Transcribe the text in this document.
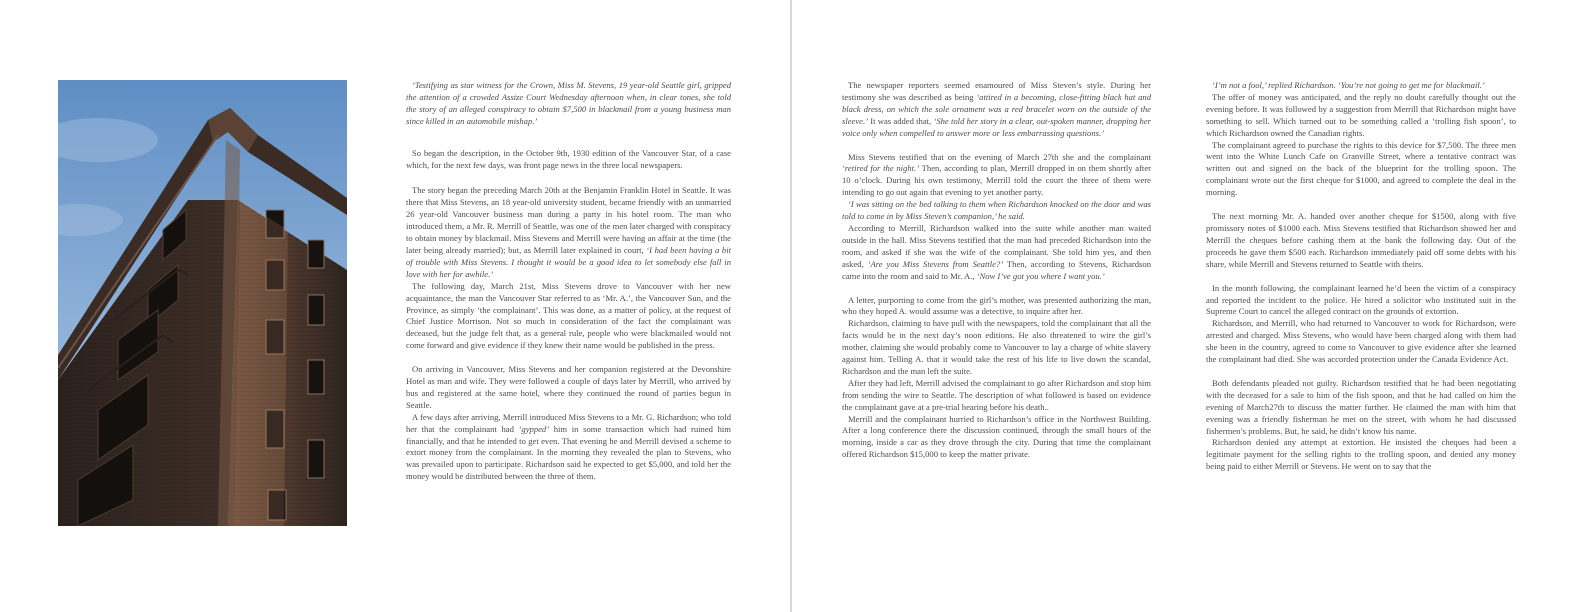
‘Testifying as star witness for the Crown, Miss M. Stevens, 19 year-old Seattle girl, gripped the attention of a crowded Assize Court Wednesday afternoon when, in clear tones, she told the story of an alleged conspiracy to obtain $7,500 in blackmail from a young business man since killed in an automobile mishap.’

So began the description, in the October 9th, 1930 edition of the Vancouver Star, of a case which, for the next few days, was front page news in the three local newspapers.

The story began the preceding March 20th at the Benjamin Franklin Hotel in Seattle. It was there that Miss Stevens, an 18 year-old university student, became friendly with an unmarried 26 year-old Vancouver business man during a party in his hotel room. The man who introduced them, a Mr. R. Merrill of Seattle, was one of the men later charged with conspiracy to obtain money by blackmail. Miss Stevens and Merrill were having an affair at the time (the later being already married); but, as Merrill later explained in court, ‘I had been having a bit of trouble with Miss Stevens. I thought it would be a good idea to let somebody else fall in love with her for awhile.’

The following day, March 21st, Miss Stevens drove to Vancouver with her new acquaintance, the man the Vancouver Star referred to as ‘Mr. A.’, the Vancouver Sun, and the Province, as simply ‘the complainant’. This was done, as a matter of policy, at the request of Chief Justice Morrison. Not so much in consideration of the fact the complainant was deceased, but the judge felt that, as a general rule, people who were blackmailed would not come forward and give evidence if they knew their name would be published in the press.

On arriving in Vancouver, Miss Stevens and her companion registered at the Devonshire Hotel as man and wife. They were followed a couple of days later by Merrill, who arrived by bus and registered at the same hotel, where they continued the round of parties begun in Seattle.

A few days after arriving, Merrill introduced Miss Stevens to a Mr. G. Richardson; who told her that the complainant had ‘gypped’ him in some transaction which had ruined him financially, and that he intended to get even. That evening he and Merrill devised a scheme to extort money from the complainant. In the morning they revealed the plan to Stevens, who was prevailed upon to participate. Richardson said he expected to get $5,000, and told her the money would be distributed between the three of them.

The newspaper reporters seemed enamoured of Miss Steven’s style. During her testimony she was described as being ‘attired in a becoming, close-fitting black hat and black dress, on which the sole ornament was a red bracelet worn on the outside of the sleeve.’ It was added that, ‘She told her story in a clear, out-spoken manner, dropping her voice only when compelled to answer more or less embarrassing questions.’

Miss Stevens testified that on the evening of March 27th she and the complainant ‘retired for the night.’ Then, according to plan, Merrill dropped in on them shortly after 10 o’clock. During his own testimony, Merrill told the court the three of them were intending to go out again that evening to yet another party.

‘I was sitting on the bed talking to them when Richardson knocked on the door and was told to come in by Miss Steven’s companion,’ he said.

According to Merrill, Richardson walked into the suite while another man waited outside in the hall. Miss Stevens testified that the man had preceded Richardson into the room, and asked if she was the wife of the complainant. She told him yes, and then asked, ‘Are you Miss Stevens from Seattle?’ Then, according to Stevens, Richardson came into the room and said to Mr. A., ‘Now I’ve got you where I want you.’

A letter, purporting to come from the girl’s mother, was presented authorizing the man, who they hoped A. would assume was a detective, to inquire after her.

Richardson, claiming to have pull with the newspapers, told the complainant that all the facts would be in the next day’s noon editions. He also threatened to wire the girl’s mother, claiming she would probably come to Vancouver to lay a charge of white slavery against him. Telling A. that it would take the rest of his life to live down the scandal, Richardson and the man left the suite.

After they had left, Merrill advised the complainant to go after Richardson and stop him from sending the wire to Seattle. The description of what followed is based on evidence the complainant gave at a pre-trial hearing before his death..

Merrill and the complainant hurried to Richardson’s office in the Northwest Building. After a long conference there the discussion continued, through the small hours of the morning, inside a car as they drove through the city. During that time the complainant offered Richardson $15,000 to keep the matter private.

‘I’m not a fool,’ replied Richardson. ‘You’re not going to get me for blackmail.’

The offer of money was anticipated, and the reply no doubt carefully thought out the evening before. It was followed by a suggestion from Merrill that Richardson might have something to sell. Which turned out to be something called a ‘trolling fish spoon’, to which Richardson owned the Canadian rights.

The complainant agreed to purchase the rights to this device for $7,500. The three men went into the White Lunch Cafe on Granville Street, where a tentative contract was written out and signed on the back of the blueprint for the trolling spoon. The complainant wrote out the first cheque for $1000, and agreed to complete the deal in the morning.

The next morning Mr. A. handed over another cheque for $1500, along with five promissory notes of $1000 each. Miss Stevens testified that Richardson showed her and Merrill the cheques before cashing them at the bank the following day. Out of the proceeds he gave them $500 each. Richardson immediately paid off some debts with his share, while Merrill and Stevens returned to Seattle with theirs.

In the month following, the complainant learned he’d been the victim of a conspiracy and reported the incident to the police. He hired a solicitor who instituted suit in the Supreme Court to cancel the alleged contract on the grounds of extortion.

Richardson, and Merrill, who had returned to Vancouver to work for Richardson, were arrested and charged. Miss Stevens, who would have been charged along with them had she been in the country, agreed to come to Vancouver to give evidence after she learned the complainant had died. She was accorded protection under the Canada Evidence Act.

Both defendants pleaded not guilty. Richardson testified that he had been negotiating with the deceased for a sale to him of the fish spoon, and that he had called on him the evening of March27th to discuss the matter further. He claimed the man with him that evening was a friendly fisherman he met on the street, with whom he had discussed fishermen’s problems. But, he said, he didn’t know his name.

Richardson denied any attempt at extortion. He insisted the cheques had been a legitimate payment for the selling rights to the trolling spoon, and denied any money being paid to either Merrill or Stevens. He went on to say that the
